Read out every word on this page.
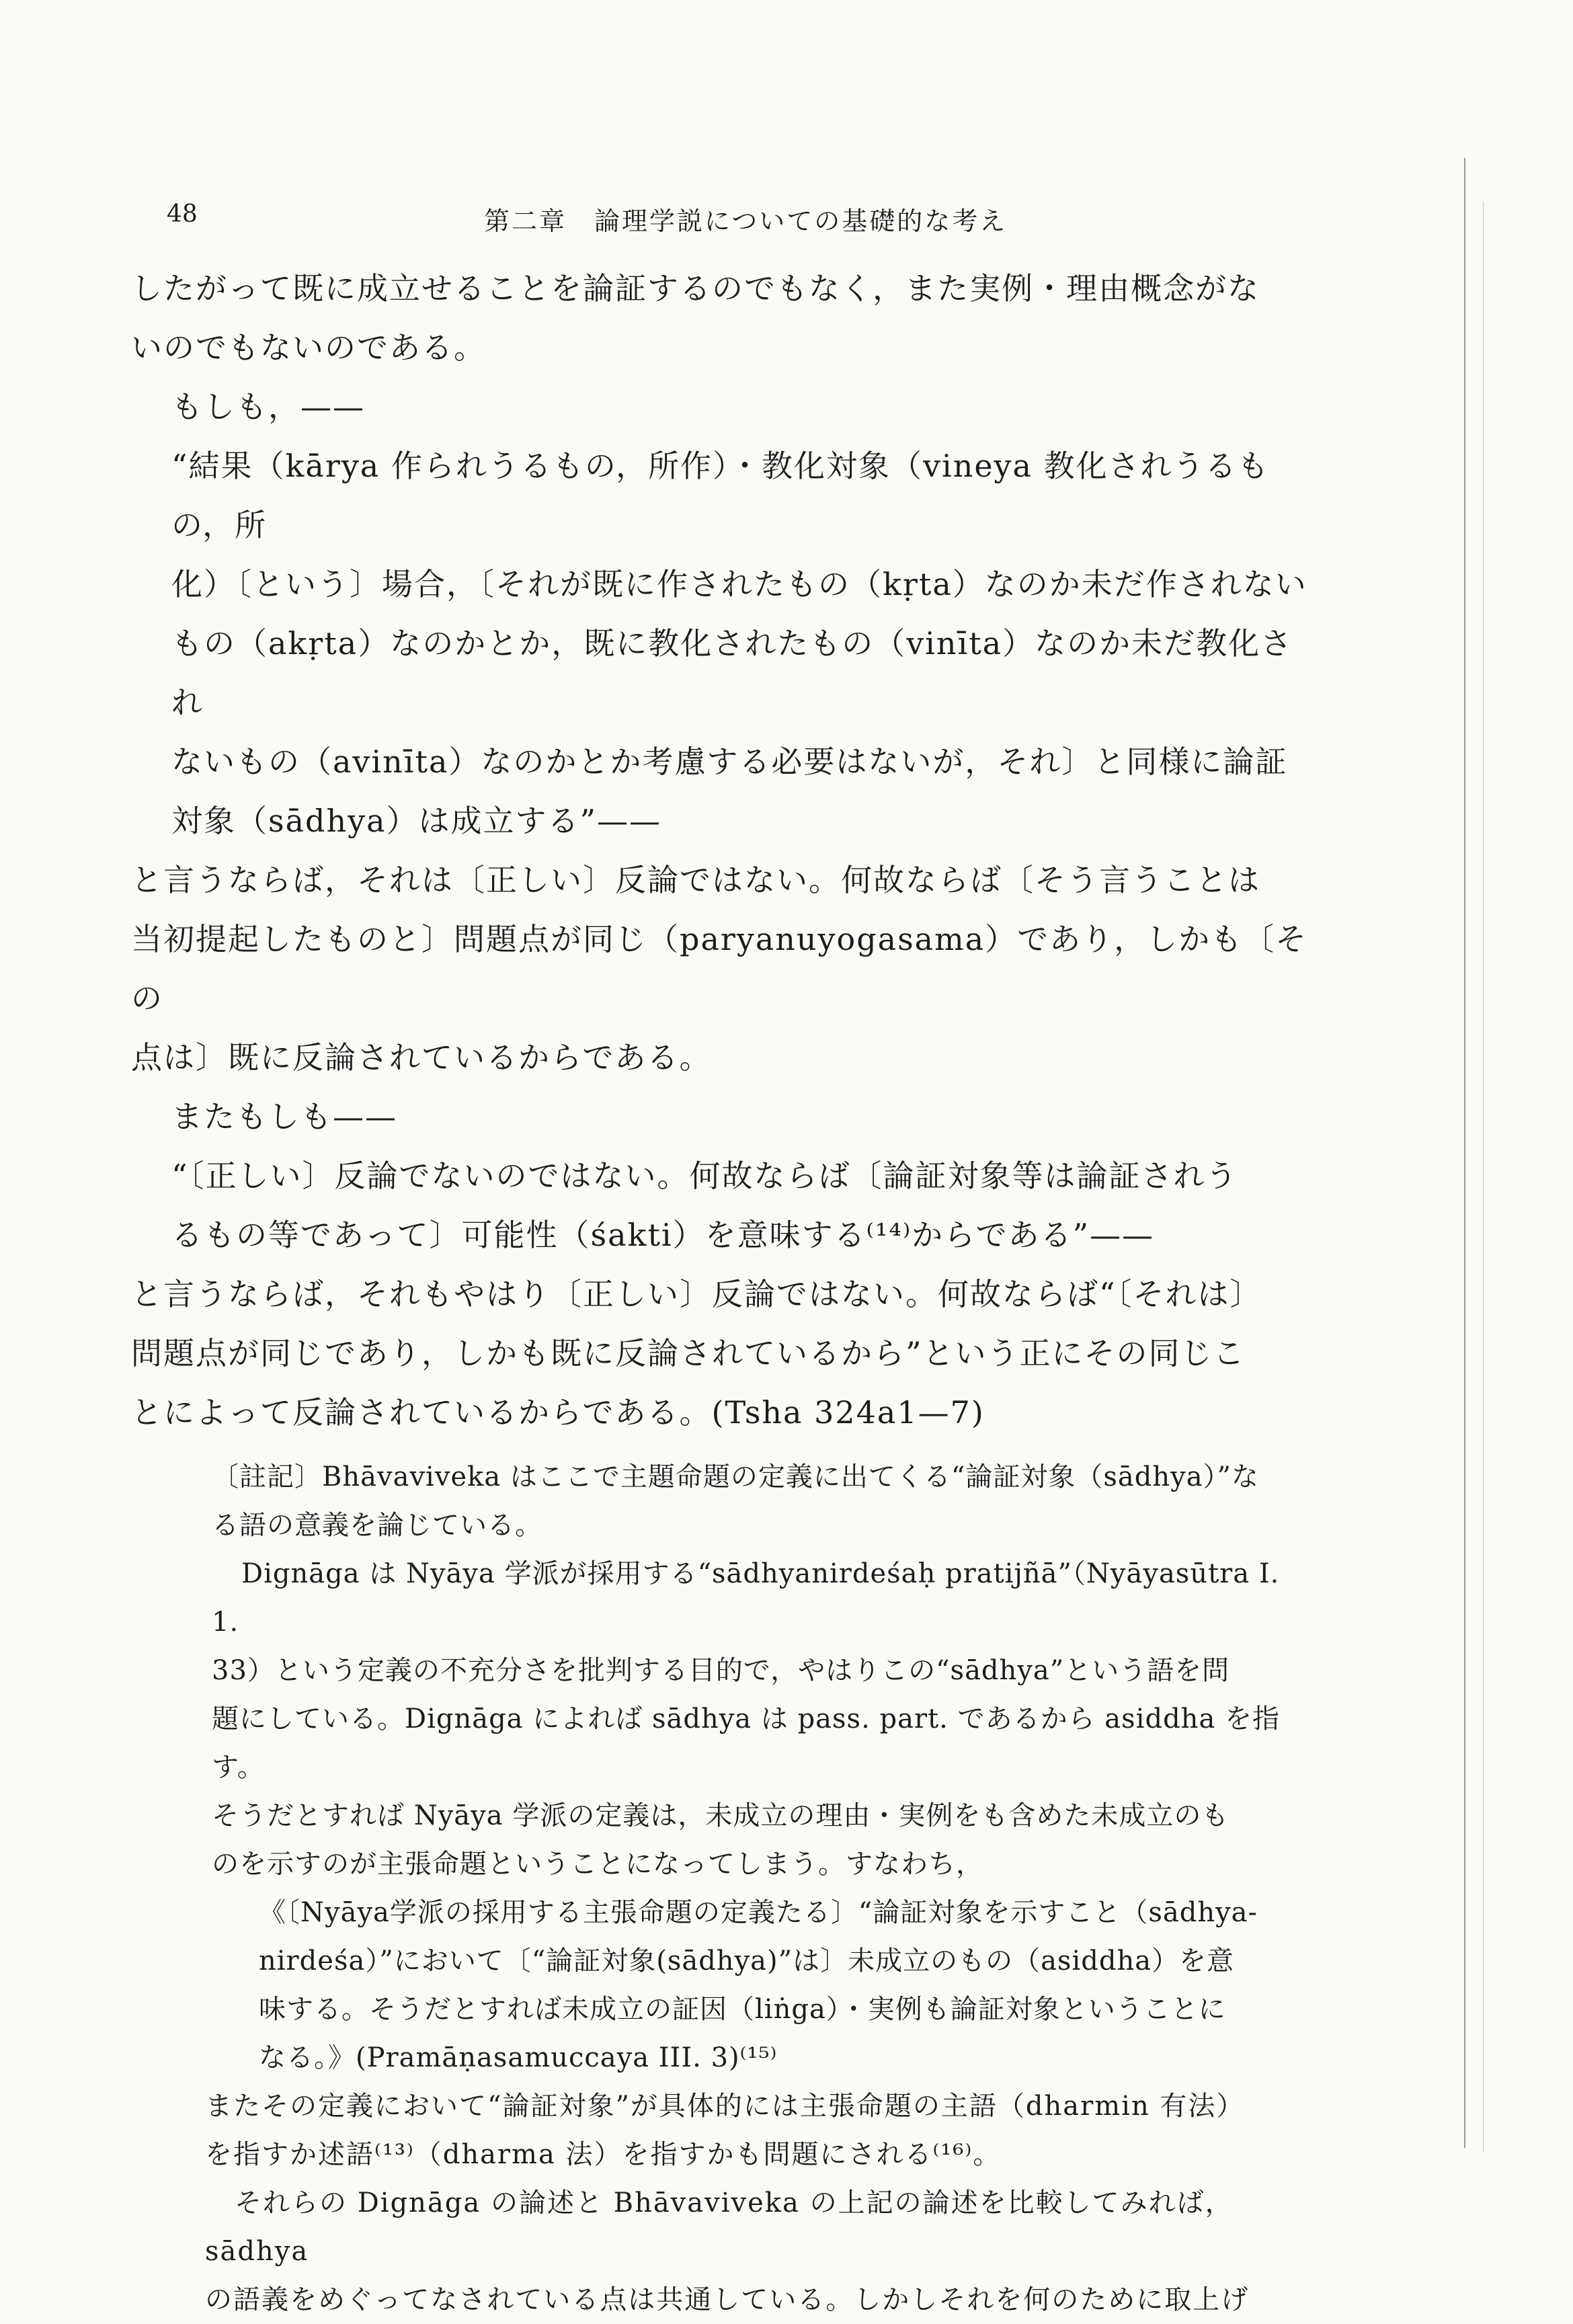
48	第二章　論理学説についての基礎的な考え

したがって既に成立せることを論証するのでもなく，また実例・理由概念がな

いのでもないのである。

もしも，——

“結果（kārya 作られうるもの，所作）・教化対象（vineya 教化されうるもの，所

化）〔という〕場合，〔それが既に作されたもの（kṛta）なのか未だ作されない

もの（akṛta）なのかとか，既に教化されたもの（vinīta）なのか未だ教化され

ないもの（avinīta）なのかとか考慮する必要はないが，それ〕と同様に論証

対象（sādhya）は成立する”——

と言うならば，それは〔正しい〕反論ではない。何故ならば〔そう言うことは

当初提起したものと〕問題点が同じ（paryanuyogasama）であり，しかも〔その

点は〕既に反論されているからである。

またもしも——

“〔正しい〕反論でないのではない。何故ならば〔論証対象等は論証されう

るもの等であって〕可能性（śakti）を意味する⁽¹⁴⁾からである”——

と言うならば，それもやはり〔正しい〕反論ではない。何故ならば“〔それは〕

問題点が同じであり，しかも既に反論されているから”という正にその同じこ

とによって反論されているからである。(Tsha 324a1—7)

〔註記〕Bhāvaviveka はここで主題命題の定義に出てくる“論証対象（sādhya）”な

る語の意義を論じている。

Dignāga は Nyāya 学派が採用する“sādhyanirdeśaḥ pratijñā”（Nyāyasūtra I. 1.

33）という定義の不充分さを批判する目的で，やはりこの“sādhya”という語を問

題にしている。Dignāga によれば sādhya は pass. part. であるから asiddha を指す。

そうだとすれば Nyāya 学派の定義は，未成立の理由・実例をも含めた未成立のも

のを示すのが主張命題ということになってしまう。すなわち，

《〔Nyāya学派の採用する主張命題の定義たる〕“論証対象を示すこと（sādhya-

nirdeśa）”において〔“論証対象(sādhya)”は〕未成立のもの（asiddha）を意

味する。そうだとすれば未成立の証因（liṅga）・実例も論証対象ということに

なる。》(Pramāṇasamuccaya III. 3)⁽¹⁵⁾

またその定義において“論証対象”が具体的には主張命題の主語（dharmin 有法）

を指すか述語⁽¹³⁾（dharma 法）を指すかも問題にされる⁽¹⁶⁾。

それらの Dignāga の論述と Bhāvaviveka の上記の論述を比較してみれば，sādhya

の語義をめぐってなされている点は共通している。しかしそれを何のために取上げ
